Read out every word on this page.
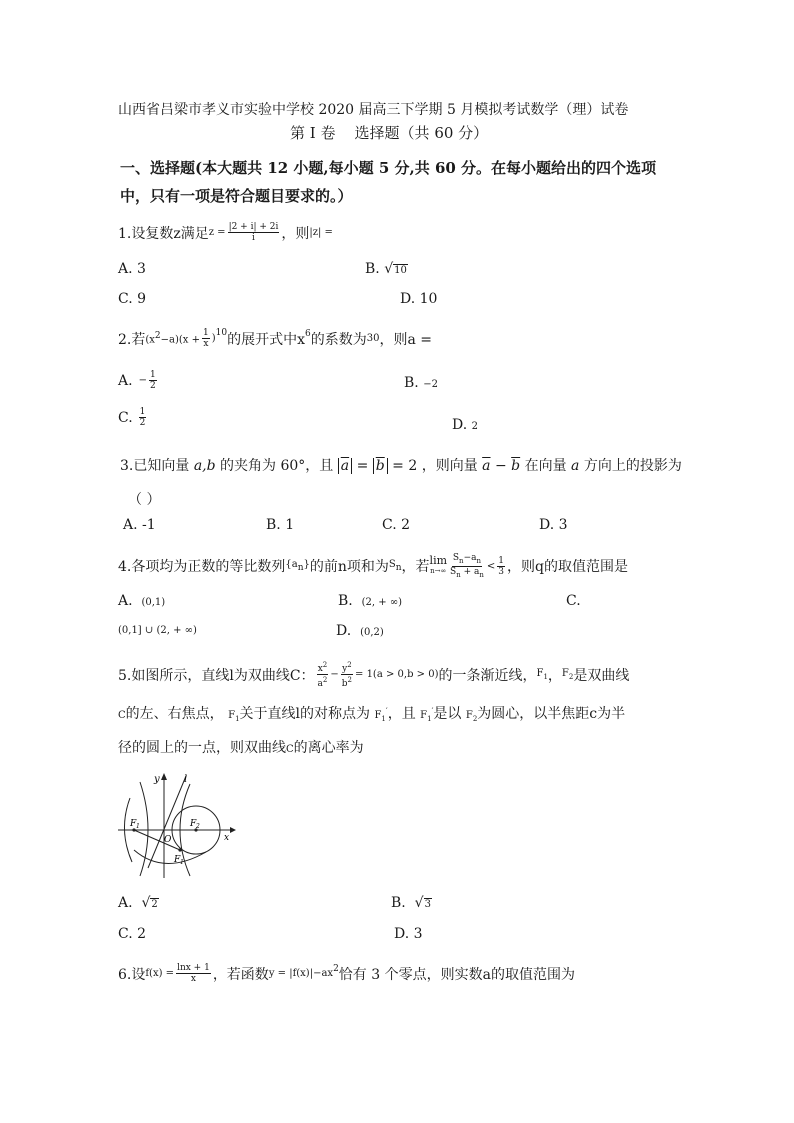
山西省吕梁市孝义市实验中学校 2020 届高三下学期 5 月模拟考试数学（理）试卷
第 I 卷 选择题（共 60 分）
一、选择题(本大题共 12 小题,每小题 5 分,共 60 分。在每小题给出的四个选项
中，只有一项是符合题目要求的。）
1.设复数z满足 $z = \frac{|2 + i| + 2i}{i}$ ，则 |z| =
A. 3	B. √10
C. 9	D. 10
2.若 $(x^2-a)(x + \frac{1}{x}$ )
$^{10}$ 的展开式中$x^6$ 的系数为 30 ，则a =
A. − $\frac{1}{2}$	B. −2
C. $\frac{1}{2}$	D. 2
3.已知向量 a,b 的夹角为 60°，且 $\overline{a} = \overline{b} = 2$ ，则向量 $\overline{a} - \overline{b}$ 在向量 a 方向上的投影为
（ ）
A. -1	B. 1	C. 2	D. 3
4.各项均为正数的等比数列 $\{a_n\}$ 的前n项和为 $S_n$ ，若 lim
$n\to\infty \frac{S_n-a_n}{S_n + a_n} < \frac{1}{3}$ ，则q的取值范围是
A. (0,1)	B. (2, + ∞)	C.
(0,1] ∪ (2, + ∞)	D. (0,2)
5.如图所示，直线l为双曲线C： $\frac{x^2}{a^2} - \frac{y^2}{b^2} = 1(a > 0,b > 0)$ 的一条渐近线， $F_1$ ， $F_2$ 是双曲线
C的左、右焦点， $F_1$关于直线l的对称点为 $F_1'$，且 $F_1'$是以 $F_2$为圆心，以半焦距c为半
径的圆上的一点，则双曲线C的离心率为
y l
F 1	F 2
O	x
F 1
A. √2	B. √3
C. 2	D. 3
6.设 $f(x) = \frac{\ln x + 1}{x}$ ，若函数 $y = |f(x)|-ax^2$ 恰有 3 个零点，则实数a的取值范围为
